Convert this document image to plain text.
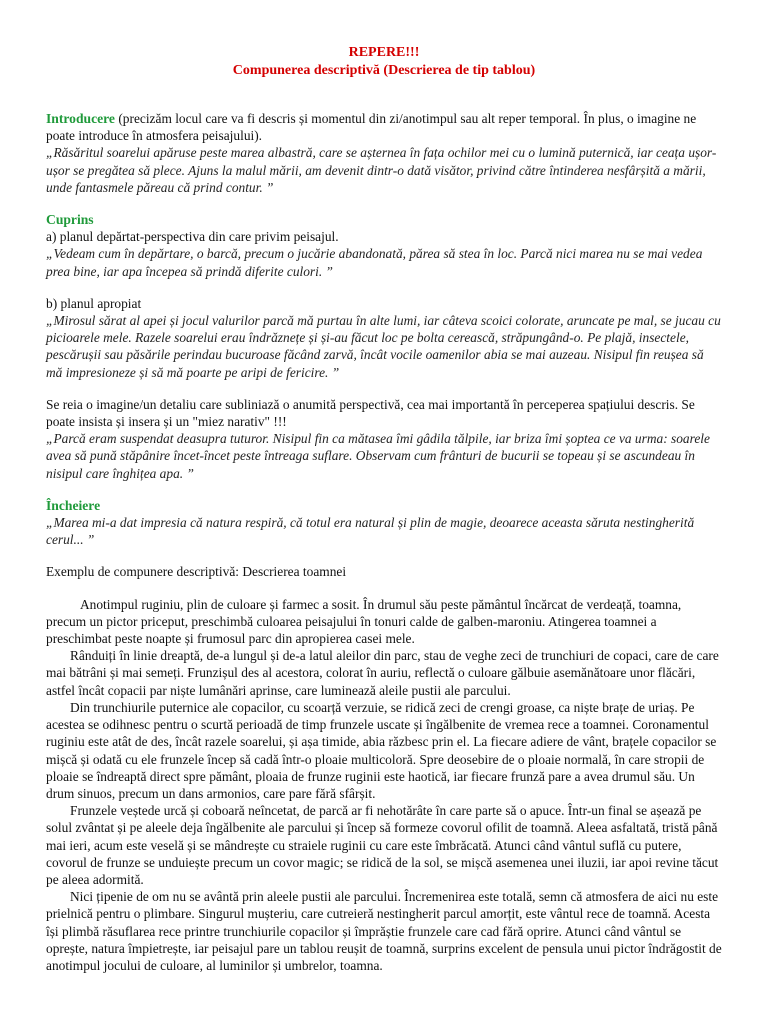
REPERE!!!
Compunerea descriptivă (Descrierea de tip tablou)

Introducere (precizăm locul care va fi descris și momentul din zi/anotimpul sau alt reper temporal. În plus, o imagine ne poate introduce în atmosfera peisajului).

„Răsăritul soarelui apăruse peste marea albastră, care se așternea în fața ochilor mei cu o lumină puternică, iar ceața ușor-ușor se pregătea să plece. Ajuns la malul mării, am devenit dintr-o dată visător, privind către întinderea nesfârșită a mării, unde fantasmele păreau că prind contur. ”

Cuprins

a) planul depărtat-perspectiva din care privim peisajul.

„Vedeam cum în depărtare, o barcă, precum o jucărie abandonată, părea să stea în loc. Parcă nici marea nu se mai vedea prea bine, iar apa începea să prindă diferite culori. ”

b) planul apropiat

„Mirosul sărat al apei și jocul valurilor parcă mă purtau în alte lumi, iar câteva scoici colorate, aruncate pe mal, se jucau cu picioarele mele. Razele soarelui erau îndrăznețe și și-au făcut loc pe bolta cerească, străpungând-o. Pe plajă, insectele, pescărușii sau păsările perindau bucuroase făcând zarvă, încât vocile oamenilor abia se mai auzeau. Nisipul fin reușea să mă impresioneze și să mă poarte pe aripi de fericire. ”

Se reia o imagine/un detaliu care subliniază o anumită perspectivă, cea mai importantă în perceperea spațiului descris. Se poate insista și insera și un "miez narativ" !!!

„Parcă eram suspendat deasupra tuturor. Nisipul fin ca mătasea îmi gâdila tălpile, iar briza îmi șoptea ce va urma: soarele avea să pună stăpânire încet-încet peste întreaga suflare. Observam cum frânturi de bucurii se topeau și se ascundeau în nisipul care înghițea apa. ”

Încheiere

„Marea mi-a dat impresia că natura respiră, că totul era natural și plin de magie, deoarece aceasta săruta nestingherită cerul... ”

Exemplu de compunere descriptivă: Descrierea toamnei

Anotimpul ruginiu, plin de culoare și farmec a sosit. În drumul său peste pământul încărcat de verdeață, toamna, precum un pictor priceput, preschimbă culoarea peisajului în tonuri calde de galben-maroniu. Atingerea toamnei a preschimbat peste noapte și frumosul parc din apropierea casei mele.

Rânduiți în linie dreaptă, de-a lungul și de-a latul aleilor din parc, stau de veghe zeci de trunchiuri de copaci, care de care mai bătrâni și mai semeți. Frunzișul des al acestora, colorat în auriu, reflectă o culoare gălbuie asemănătoare unor flăcări, astfel încât copacii par niște lumânări aprinse, care luminează aleile pustii ale parcului.

Din trunchiurile puternice ale copacilor, cu scoarță verzuie, se ridică zeci de crengi groase, ca niște brațe de uriaș. Pe acestea se odihnesc pentru o scurtă perioadă de timp frunzele uscate și îngălbenite de vremea rece a toamnei. Coronamentul ruginiu este atât de des, încât razele soarelui, și așa timide, abia răzbesc prin el. La fiecare adiere de vânt, brațele copacilor se mișcă și odată cu ele frunzele încep să cadă într-o ploaie multicoloră. Spre deosebire de o ploaie normală, în care stropii de ploaie se îndreaptă direct spre pământ, ploaia de frunze ruginii este haotică, iar fiecare frunză pare a avea drumul său. Un drum sinuos, precum un dans armonios, care pare fără sfârșit.

Frunzele veștede urcă și coboară neîncetat, de parcă ar fi nehotărâte în care parte să o apuce. Într-un final se așează pe solul zvântat și pe aleele deja îngălbenite ale parcului și încep să formeze covorul ofilit de toamnă. Aleea asfaltată, tristă până mai ieri, acum este veselă și se mândrește cu straiele ruginii cu care este îmbrăcată. Atunci când vântul suflă cu putere, covorul de frunze se unduiește precum un covor magic; se ridică de la sol, se mișcă asemenea unei iluzii, iar apoi revine tăcut pe aleea adormită.

Nici țipenie de om nu se avântă prin aleele pustii ale parcului. Încremenirea este totală, semn că atmosfera de aici nu este prielnică pentru o plimbare. Singurul mușteriu, care cutreieră nestingherit parcul amorțit, este vântul rece de toamnă. Acesta își plimbă răsuflarea rece printre trunchiurile copacilor și împrăștie frunzele care cad fără oprire. Atunci când vântul se oprește, natura împietrește, iar peisajul pare un tablou reușit de toamnă, surprins excelent de pensula unui pictor îndrăgostit de anotimpul jocului de culoare, al luminilor și umbrelor, toamna.
